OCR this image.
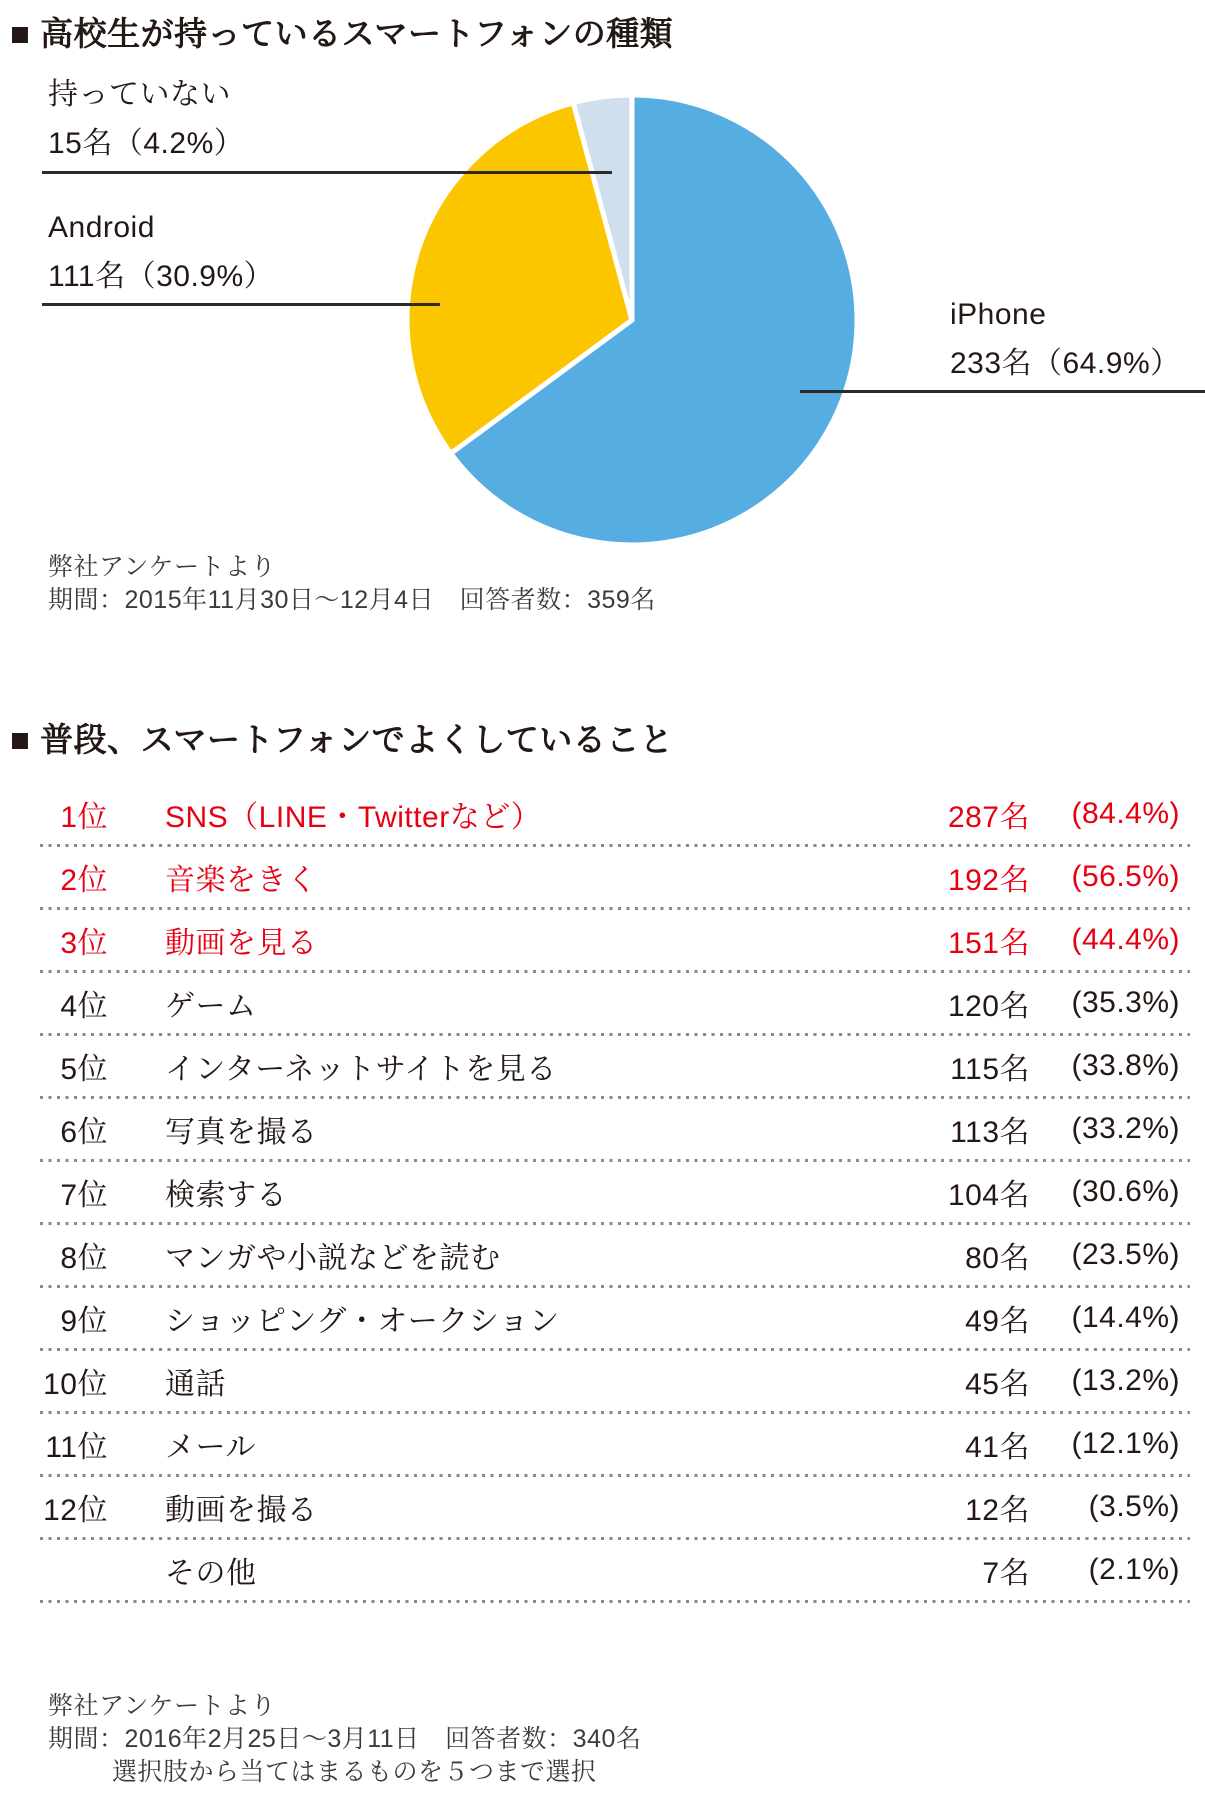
■ 高校生が持っているスマートフォンの種類
持っていない
15名（4.2%）
Android
111名（30.9%）
iPhone
233名（64.9%）
弊社アンケートより
期間：2015年11月30日～12月4日　回答者数：359名
■ 普段、スマートフォンでよくしていること
1位 SNS（LINE・Twitterなど）	287名	(84.4%)
2位 音楽をきく	192名	(56.5%)
3位 動画を見る	151名	(44.4%)
4位 ゲーム	120名	(35.3%)
5位 インターネットサイトを見る	115名	(33.8%)
6位 写真を撮る	113名	(33.2%)
7位 検索する	104名	(30.6%)
8位 マンガや小説などを読む	80名	(23.5%)
9位 ショッピング・オークション	49名	(14.4%)
10位 通話	45名	(13.2%)
11位 メール	41名	(12.1%)
12位 動画を撮る	12名	(3.5%)
その他	7名	(2.1%)
弊社アンケートより
期間：2016年2月25日～3月11日　回答者数：340名
選択肢から当てはまるものを５つまで選択
